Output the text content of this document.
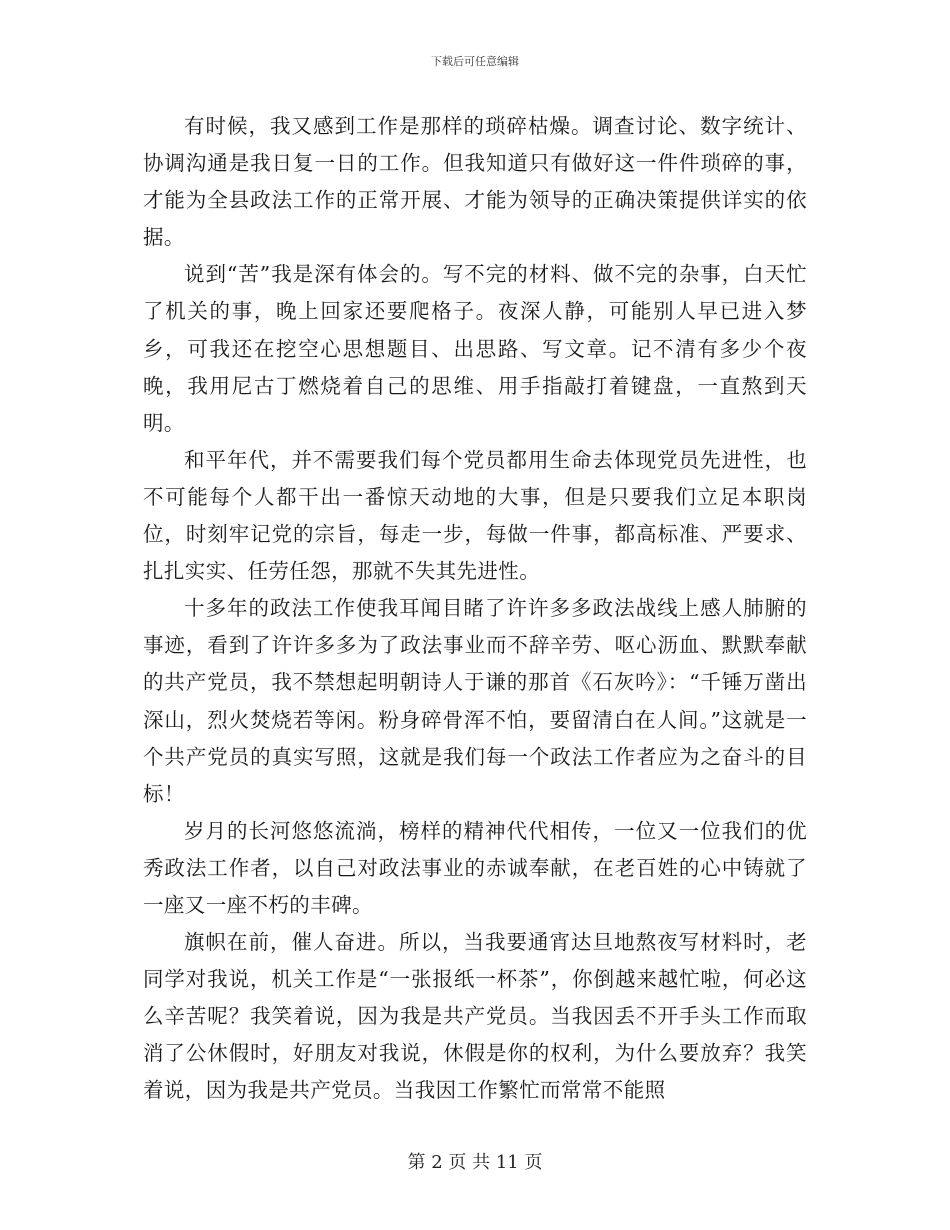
下载后可任意编辑

有时候，我又感到工作是那样的琐碎枯燥。调查讨论、数字统计、协调沟通是我日复一日的工作。但我知道只有做好这一件件琐碎的事，才能为全县政法工作的正常开展、才能为领导的正确决策提供详实的依据。

说到“苦”我是深有体会的。写不完的材料、做不完的杂事，白天忙了机关的事，晚上回家还要爬格子。夜深人静，可能别人早已进入梦乡，可我还在挖空心思想题目、出思路、写文章。记不清有多少个夜晚，我用尼古丁燃烧着自己的思维、用手指敲打着键盘，一直熬到天明。

和平年代，并不需要我们每个党员都用生命去体现党员先进性，也不可能每个人都干出一番惊天动地的大事，但是只要我们立足本职岗位，时刻牢记党的宗旨，每走一步，每做一件事，都高标准、严要求、扎扎实实、任劳任怨，那就不失其先进性。

十多年的政法工作使我耳闻目睹了许许多多政法战线上感人肺腑的事迹，看到了许许多多为了政法事业而不辞辛劳、呕心沥血、默默奉献的共产党员，我不禁想起明朝诗人于谦的那首《石灰吟》：“千锤万凿出深山，烈火焚烧若等闲。粉身碎骨浑不怕，要留清白在人间。”这就是一个共产党员的真实写照，这就是我们每一个政法工作者应为之奋斗的目标！

岁月的长河悠悠流淌，榜样的精神代代相传，一位又一位我们的优秀政法工作者，以自己对政法事业的赤诚奉献，在老百姓的心中铸就了一座又一座不朽的丰碑。

旗帜在前，催人奋进。所以，当我要通宵达旦地熬夜写材料时，老同学对我说，机关工作是“一张报纸一杯茶”，你倒越来越忙啦，何必这么辛苦呢？我笑着说，因为我是共产党员。当我因丢不开手头工作而取消了公休假时，好朋友对我说，休假是你的权利，为什么要放弃？我笑着说，因为我是共产党员。当我因工作繁忙而常常不能照

第 2 页 共 11 页
